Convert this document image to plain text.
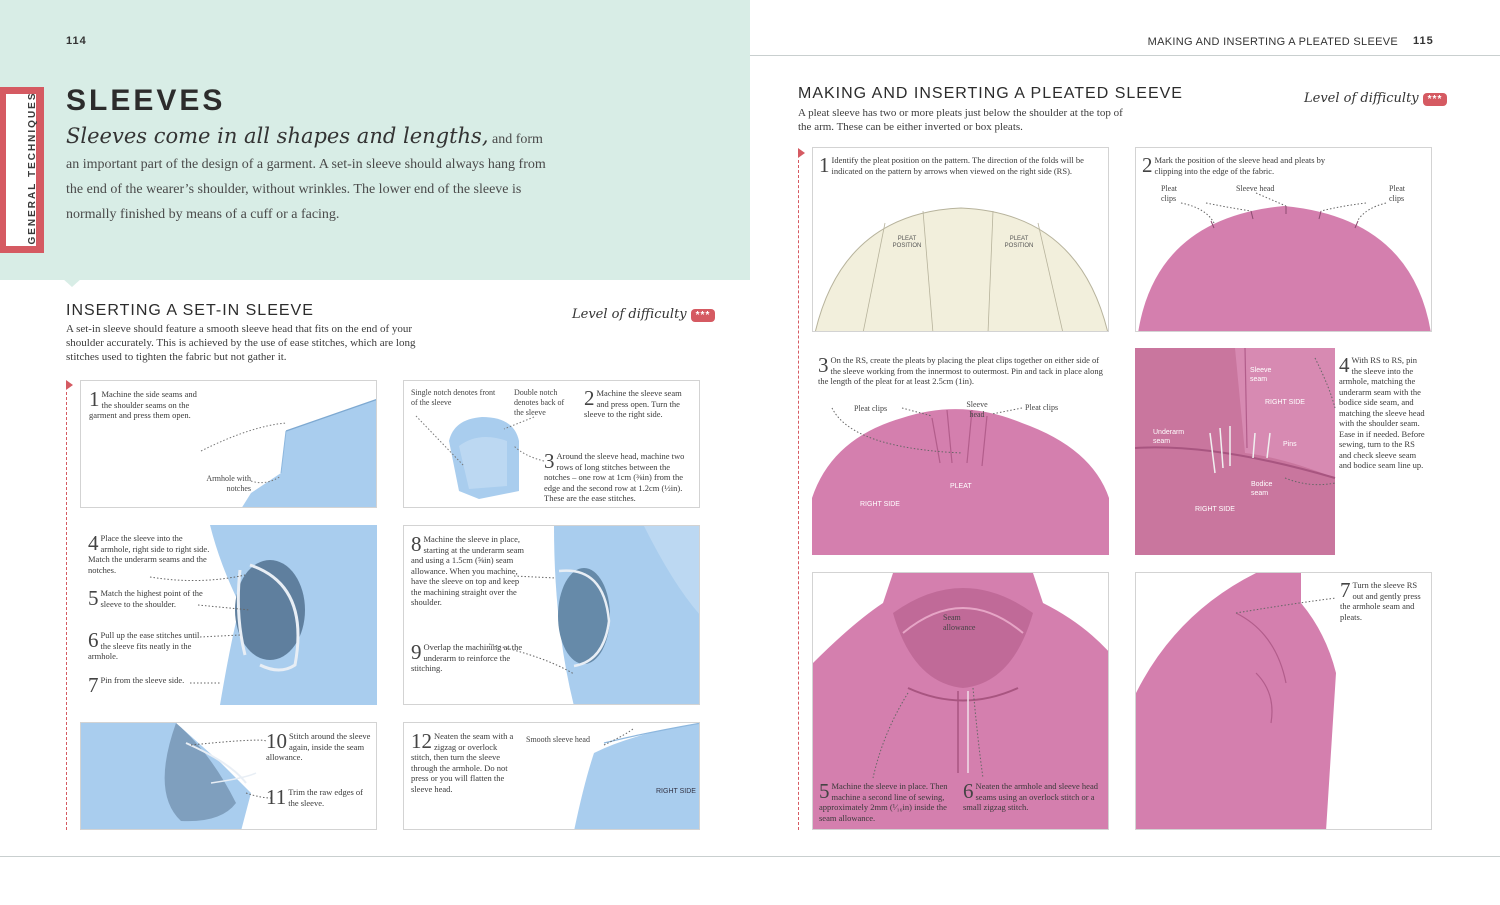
114
GENERAL TECHNIQUES SLEEVES
Sleeves come in all shapes and lengths, and form an important part of the design of a garment. A set-in sleeve should always hang from the end of the wearer’s shoulder, without wrinkles. The lower end of the sleeve is normally finished by means of a cuff or a facing.
INSERTING A SET-IN SLEEVE	Level of difficulty ***
A set-in sleeve should feature a smooth sleeve head that fits on the end of your shoulder accurately. This is achieved by the use of ease stitches, which are long stitches used to tighten the fabric but not gather it.
1 Machine the side seams and the shoulder seams on the garment and press them open.
Armhole with notches
Single notch denotes front of the sleeve
Double notch denotes back of the sleeve
2 Machine the sleeve seam and press open. Turn the sleeve to the right side.
3 Around the sleeve head, machine two rows of long stitches between the notches – one row at 1cm (⅜in) from the edge and the second row at 1.2cm (½in). These are the ease stitches.
4 Place the sleeve into the armhole, right side to right side. Match the underarm seams and the notches.
5 Match the highest point of the sleeve to the shoulder.
6 Pull up the ease stitches until the sleeve fits neatly in the armhole.
7 Pin from the sleeve side.
8 Machine the sleeve in place, starting at the underarm seam and using a 1.5cm (⅝in) seam allowance. When you machine, have the sleeve on top and keep the machining straight over the shoulder.
9 Overlap the machining at the underarm to reinforce the stitching.
10 Stitch around the sleeve again, inside the seam allowance.
11 Trim the raw edges of the sleeve.
12 Neaten the seam with a zigzag or overlock stitch, then turn the sleeve through the armhole. Do not press or you will flatten the sleeve head.
Smooth sleeve head
RIGHT SIDE
MAKING AND INSERTING A PLEATED SLEEVE 115
MAKING AND INSERTING A PLEATED SLEEVE	Level of difficulty ***
A pleat sleeve has two or more pleats just below the shoulder at the top of the arm. These can be either inverted or box pleats.
1 Identify the pleat position on the pattern. The direction of the folds will be indicated on the pattern by arrows when viewed on the right side (RS).
PLEAT POSITION
PLEAT POSITION
2 Mark the position of the sleeve head and pleats by clipping into the edge of the fabric.
Pleat clips
Sleeve head	Pleat clips
3 On the RS, create the pleats by placing the pleat clips together on either side of the sleeve working from the innermost to outermost. Pin and tack in place along the length of the pleat for at least 2.5cm (1in).
Pleat clips	Sleeve head
Pleat clips
PLEAT
RIGHT SIDE
4 With RS to RS, pin the sleeve into the armhole, matching the underarm seam with the bodice side seam, and matching the sleeve head with the shoulder seam. Ease in if needed. Before sewing, turn to the RS and check sleeve seam and bodice seam line up.
Sleeve seam
RIGHT SIDE
Underarm seam	Pins
Bodice seam
RIGHT SIDE
Seam allowance
5 Machine the sleeve in place. Then machine a second line of sewing, approximately 2mm (¹⁄₁₆in) inside the seam allowance.
6 Neaten the armhole and sleeve head seams using an overlock stitch or a small zigzag stitch.
7 Turn the sleeve RS out and gently press the armhole seam and pleats.
